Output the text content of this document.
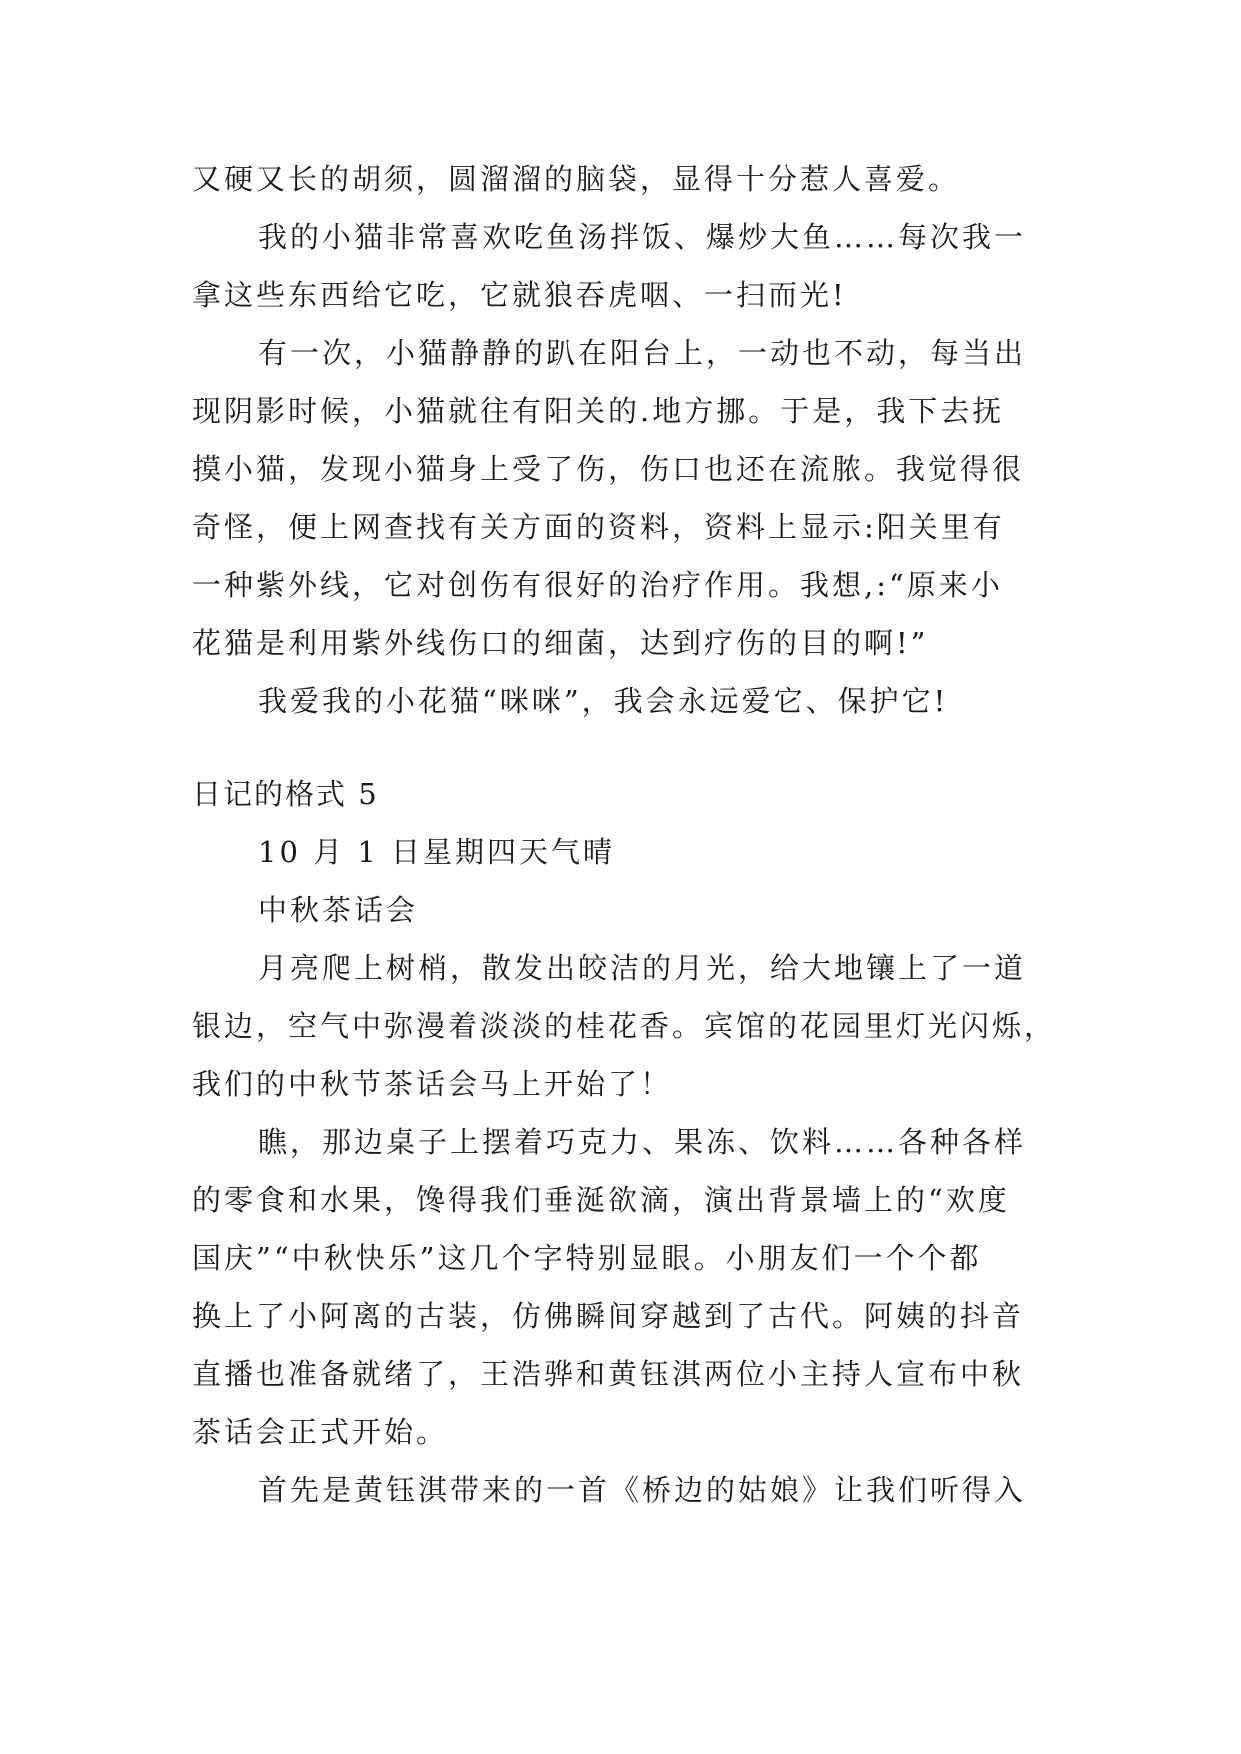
又硬又长的胡须，圆溜溜的脑袋，显得十分惹人喜爱。
我的小猫非常喜欢吃鱼汤拌饭、爆炒大鱼……每次我一
拿这些东西给它吃，它就狼吞虎咽、一扫而光!
有一次，小猫静静的趴在阳台上，一动也不动，每当出
现阴影时候，小猫就往有阳关的.地方挪。于是，我下去抚
摸小猫，发现小猫身上受了伤，伤口也还在流脓。我觉得很
奇怪，便上网查找有关方面的资料，资料上显示:阳关里有
一种紫外线，它对创伤有很好的治疗作用。我想,:“原来小
花猫是利用紫外线伤口的细菌，达到疗伤的目的啊!”
我爱我的小花猫“咪咪”，我会永远爱它、保护它!
日记的格式 5
10 月 1 日星期四天气晴
中秋茶话会
月亮爬上树梢，散发出皎洁的月光，给大地镶上了一道
银边，空气中弥漫着淡淡的桂花香。宾馆的花园里灯光闪烁，
我们的中秋节茶话会马上开始了！
瞧，那边桌子上摆着巧克力、果冻、饮料……各种各样
的零食和水果，馋得我们垂涎欲滴，演出背景墙上的“欢度
国庆”“中秋快乐”这几个字特别显眼。小朋友们一个个都
换上了小阿离的古装，仿佛瞬间穿越到了古代。阿姨的抖音
直播也准备就绪了，王浩骅和黄钰淇两位小主持人宣布中秋
茶话会正式开始。
首先是黄钰淇带来的一首《桥边的姑娘》让我们听得入
